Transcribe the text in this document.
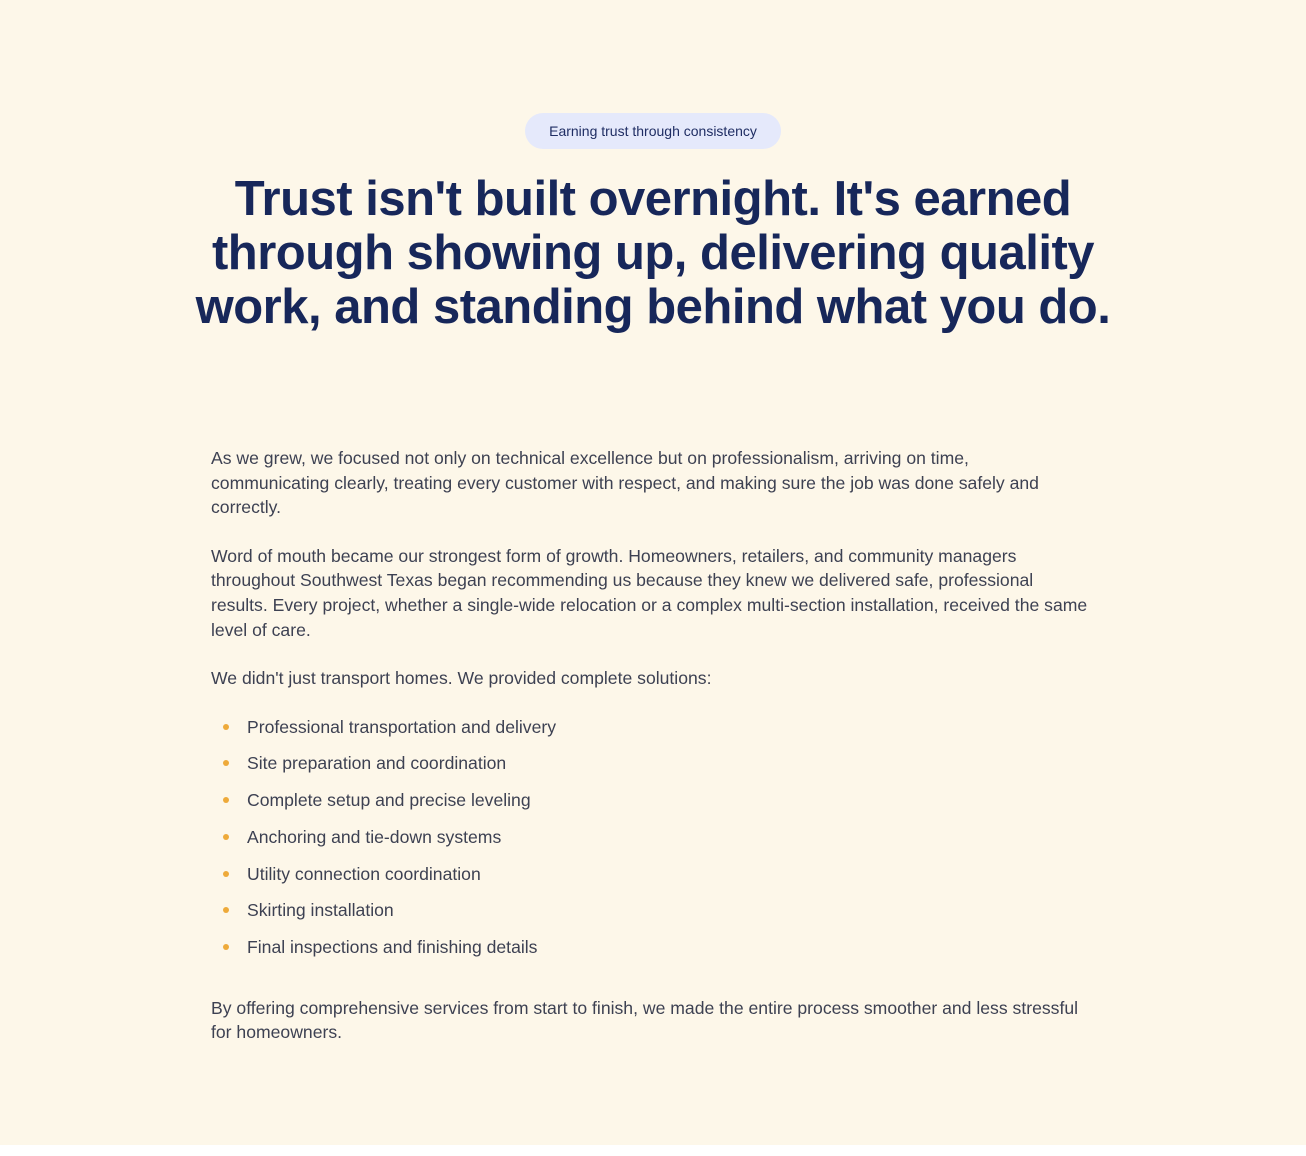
Earning trust through consistency
Trust isn't built overnight. It's earned through showing up, delivering quality work, and standing behind what you do.

As we grew, we focused not only on technical excellence but on professionalism, arriving on time, communicating clearly, treating every customer with respect, and making sure the job was done safely and correctly.

Word of mouth became our strongest form of growth. Homeowners, retailers, and community managers throughout Southwest Texas began recommending us because they knew we delivered safe, professional results. Every project, whether a single-wide relocation or a complex multi-section installation, received the same level of care.

We didn't just transport homes. We provided complete solutions:

Professional transportation and delivery
Site preparation and coordination
Complete setup and precise leveling
Anchoring and tie-down systems
Utility connection coordination
Skirting installation
Final inspections and finishing details

By offering comprehensive services from start to finish, we made the entire process smoother and less stressful for homeowners.
